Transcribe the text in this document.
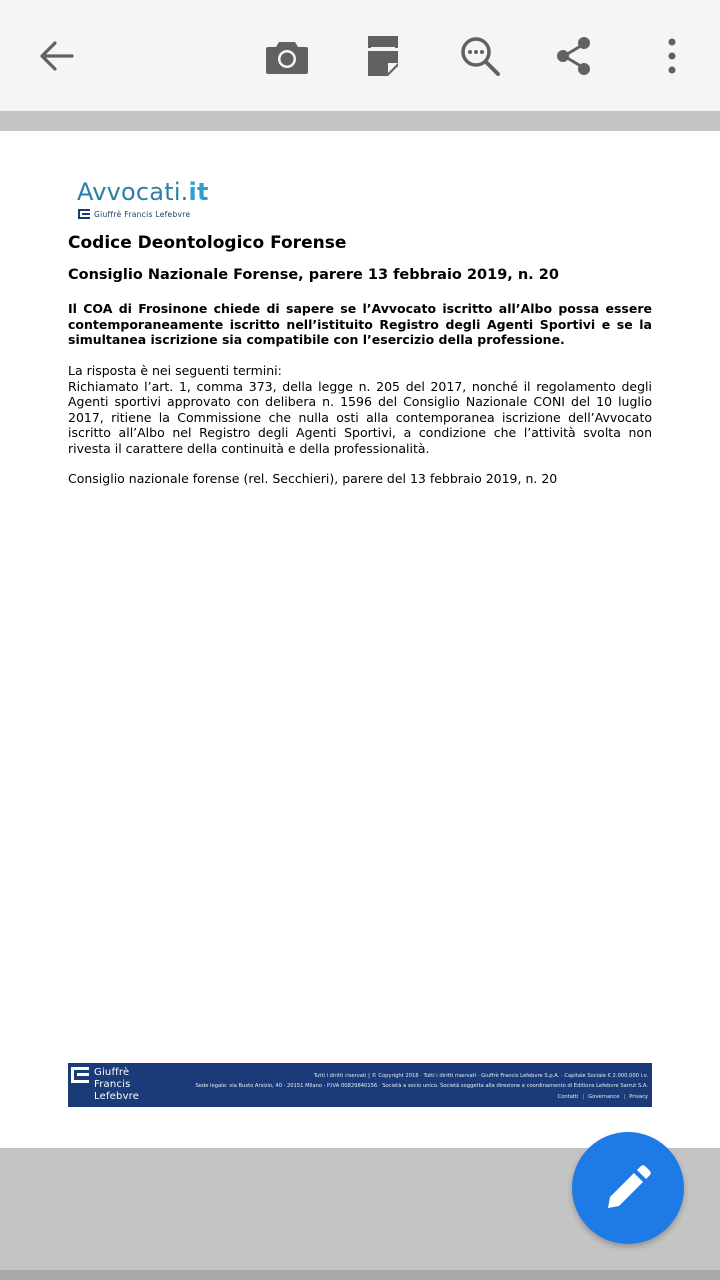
Avvocati.it
Giuffrè Francis Lefebvre
Codice Deontologico Forense
Consiglio Nazionale Forense, parere 13 febbraio 2019, n. 20
Il COA di Frosinone chiede di sapere se l’Avvocato iscritto all’Albo possa essere contemporaneamente iscritto nell’istituito Registro degli Agenti Sportivi e se la simultanea iscrizione sia compatibile con l’esercizio della professione.
La risposta è nei seguenti termini:
Richiamato l’art. 1, comma 373, della legge n. 205 del 2017, nonché il regolamento degli Agenti sportivi approvato con delibera n. 1596 del Consiglio Nazionale CONI del 10 luglio 2017, ritiene la Commissione che nulla osti alla contemporanea iscrizione dell’Avvocato iscritto all’Albo nel Registro degli Agenti Sportivi, a condizione che l’attività svolta non rivesta il carattere della continuità e della professionalità.
Consiglio nazionale forense (rel. Secchieri), parere del 13 febbraio 2019, n. 20
Giuffrè
Francis
Lefebvre
Tutti i diritti riservati | © Copyright 2018 · Tutti i diritti riservati · Giuffrè Francis Lefebvre S.p.A. · Capitale Sociale € 2.000.000 i.v.
Sede legale: via Busto Arsizio, 40 · 20151 Milano · P.IVA 00829840156 · Società a socio unico. Società soggetta alla direzione e coordinamento di Editions Lefebvre Sarrut S.A.
Contatti | Governance | Privacy
